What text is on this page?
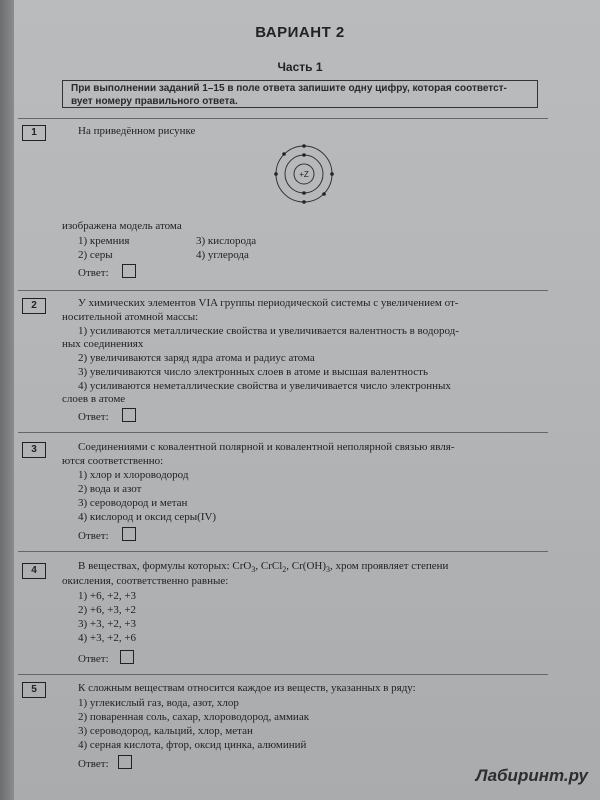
ВАРИАНТ 2
Часть 1
При выполнении заданий 1–15 в поле ответа запишите одну цифру, которая соответст-
вует номеру правильного ответа.
1	На приведённом рисунке
+Z
изображена модель атома
1) кремния	3) кислорода
2) серы	4) углерода
Ответ:
2	У химических элементов VIA группы периодической системы с увеличением от-
носительной атомной массы:
1) усиливаются металлические свойства и увеличивается валентность в водород-
ных соединениях
2) увеличиваются заряд ядра атома и радиус атома
3) увеличиваются число электронных слоев в атоме и высшая валентность
4) усиливаются неметаллические свойства и увеличивается число электронных
слоев в атоме
Ответ:
3	Соединениями с ковалентной полярной и ковалентной неполярной связью явля-
ются соответственно:
1) хлор и хлороводород
2) вода и азот
3) сероводород и метан
4) кислород и оксид серы(IV)
Ответ:
4	В веществах, формулы которых: CrO$_3$, CrCl$_2$, $Cr(OH)_3$, хром проявляет степени
окисления, соответственно равные:
1) +6, +2, +3
2) +6, +3, +2
3) +3, +2, +3
4) +3, +2, +6
Ответ:
5	К сложным веществам относится каждое из веществ, указанных в ряду:
1) углекислый газ, вода, азот, хлор
2) поваренная соль, сахар, хлороводород, аммиак
3) сероводород, кальций, хлор, метан
4) серная кислота, фтор, оксид цинка, алюминий
Ответ:
Лабиринт.ру
